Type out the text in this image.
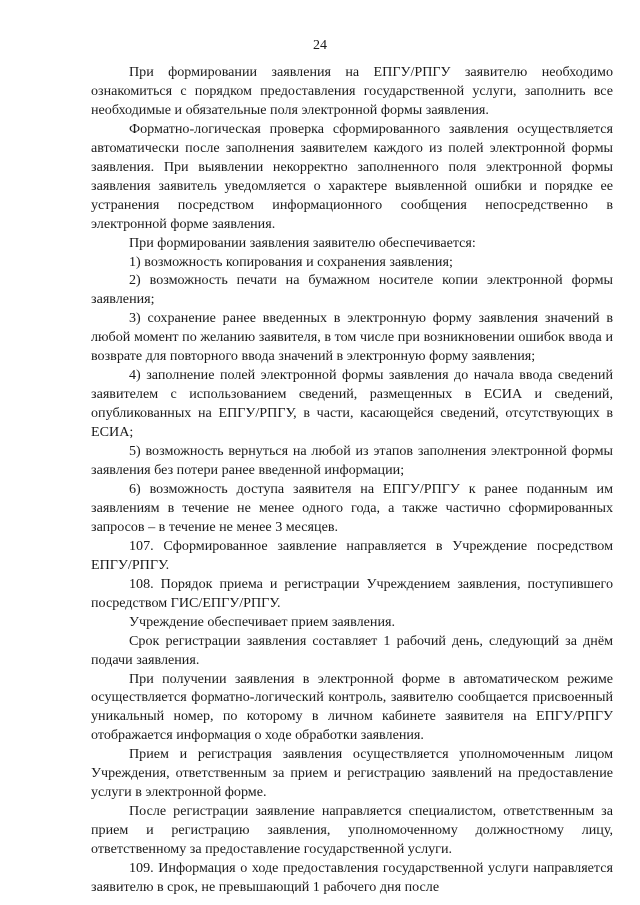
24

При формировании заявления на ЕПГУ/РПГУ заявителю необходимо ознакомиться с порядком предоставления государственной услуги, заполнить все необходимые и обязательные поля электронной формы заявления.

Форматно-логическая проверка сформированного заявления осуществляется автоматически после заполнения заявителем каждого из полей электронной формы заявления. При выявлении некорректно заполненного поля электронной формы заявления заявитель уведомляется о характере выявленной ошибки и порядке ее устранения посредством информационного сообщения непосредственно в электронной форме заявления.

При формировании заявления заявителю обеспечивается:

1) возможность копирования и сохранения заявления;

2) возможность печати на бумажном носителе копии электронной формы заявления;

3) сохранение ранее введенных в электронную форму заявления значений в любой момент по желанию заявителя, в том числе при возникновении ошибок ввода и возврате для повторного ввода значений в электронную форму заявления;

4) заполнение полей электронной формы заявления до начала ввода сведений заявителем с использованием сведений, размещенных в ЕСИА и сведений, опубликованных на ЕПГУ/РПГУ, в части, касающейся сведений, отсутствующих в ЕСИА;

5) возможность вернуться на любой из этапов заполнения электронной формы заявления без потери ранее введенной информации;

6) возможность доступа заявителя на ЕПГУ/РПГУ к ранее поданным им заявлениям в течение не менее одного года, а также частично сформированных запросов – в течение не менее 3 месяцев.

107. Сформированное заявление направляется в Учреждение посредством ЕПГУ/РПГУ.

108. Порядок приема и регистрации Учреждением заявления, поступившего посредством ГИС/ЕПГУ/РПГУ.

Учреждение обеспечивает прием заявления.

Срок регистрации заявления составляет 1 рабочий день, следующий за днём подачи заявления.

При получении заявления в электронной форме в автоматическом режиме осуществляется форматно-логический контроль, заявителю сообщается присвоенный уникальный номер, по которому в личном кабинете заявителя на ЕПГУ/РПГУ отображается информация о ходе обработки заявления.

Прием и регистрация заявления осуществляется уполномоченным лицом Учреждения, ответственным за прием и регистрацию заявлений на предоставление услуги в электронной форме.

После регистрации заявление направляется специалистом, ответственным за прием и регистрацию заявления, уполномоченному должностному лицу, ответственному за предоставление государственной услуги.

109. Информация о ходе предоставления государственной услуги направляется заявителю в срок, не превышающий 1 рабочего дня после
